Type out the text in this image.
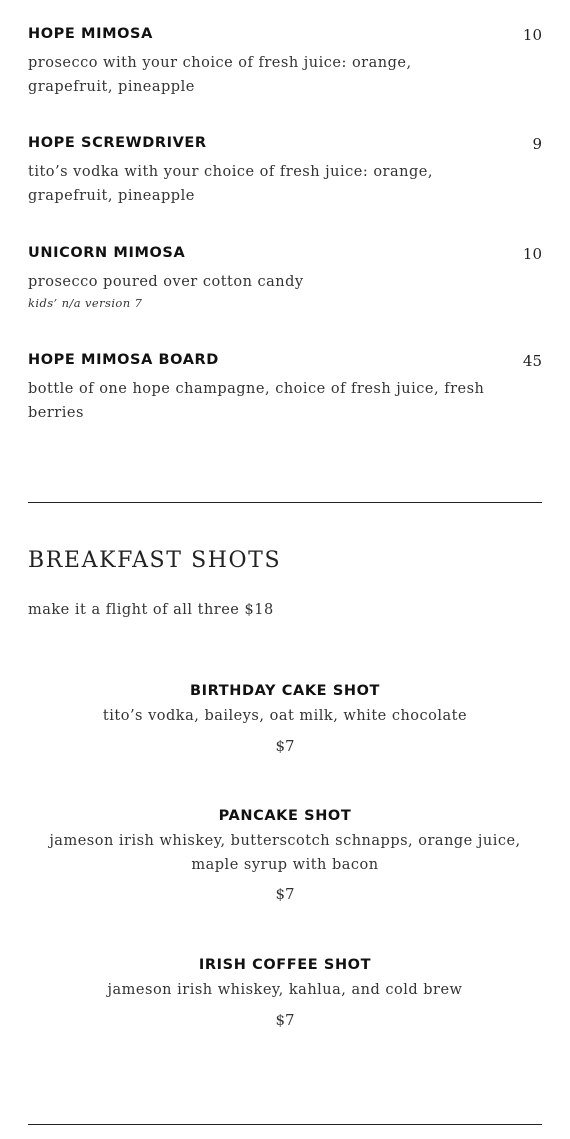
HOPE MIMOSA	10
prosecco with your choice of fresh juice: orange, grapefruit, pineapple
HOPE SCREWDRIVER	9
tito’s vodka with your choice of fresh juice: orange, grapefruit, pineapple
UNICORN MIMOSA	10
prosecco poured over cotton candy
kids’ n/a version 7
HOPE MIMOSA BOARD	45
bottle of one hope champagne, choice of fresh juice, fresh berries
BREAKFAST SHOTS
make it a flight of all three $18
BIRTHDAY CAKE SHOT
tito’s vodka, baileys, oat milk, white chocolate
$7
PANCAKE SHOT
jameson irish whiskey, butterscotch schnapps, orange juice, maple syrup with bacon
$7
IRISH COFFEE SHOT
jameson irish whiskey, kahlua, and cold brew
$7
